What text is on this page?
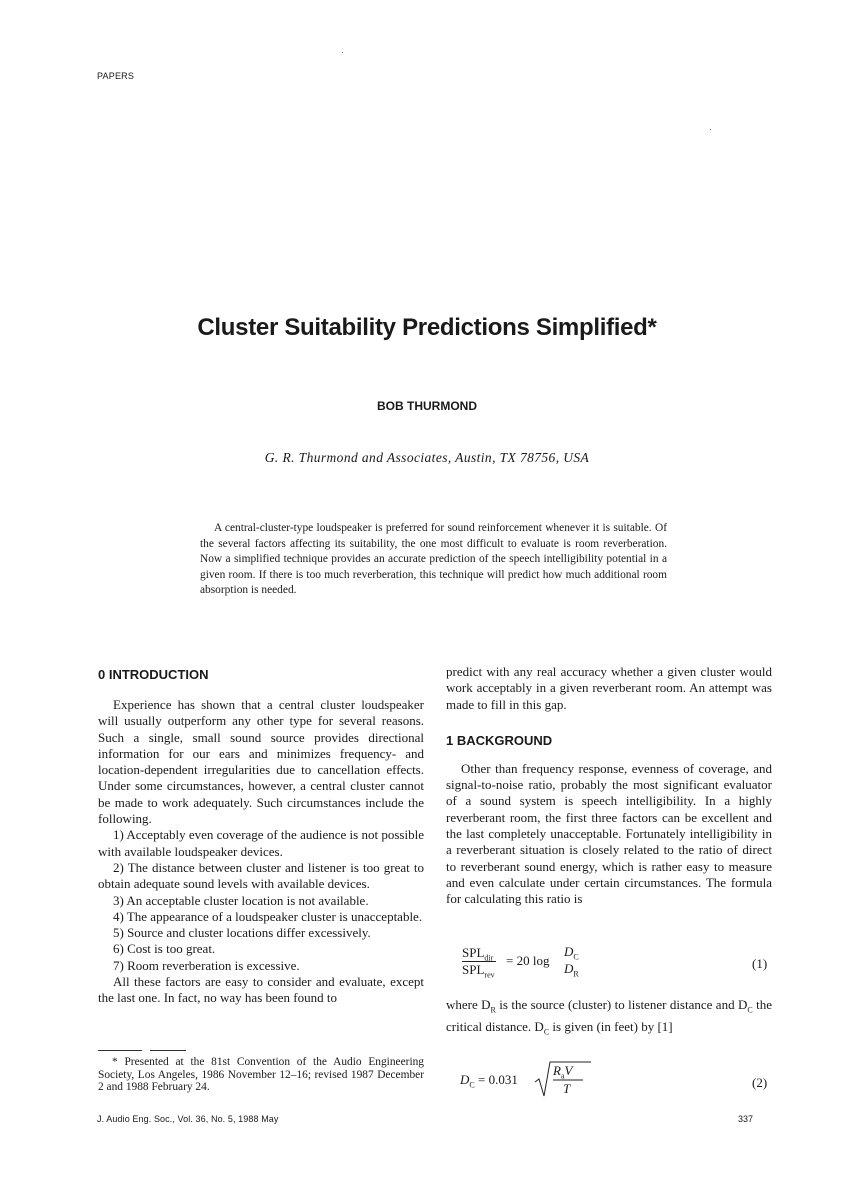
PAPERS
Cluster Suitability Predictions Simplified*
BOB THURMOND
G. R. Thurmond and Associates, Austin, TX 78756, USA

A central-cluster-type loudspeaker is preferred for sound reinforcement whenever it is suitable. Of the several factors affecting its suitability, the one most difficult to evaluate is room reverberation. Now a simplified technique provides an accurate prediction of the speech intelligibility potential in a given room. If there is too much reverberation, this technique will predict how much additional room absorption is needed.

0 INTRODUCTION

Experience has shown that a central cluster loudspeaker will usually outperform any other type for several reasons. Such a single, small sound source provides directional information for our ears and minimizes frequency- and location-dependent irregularities due to cancellation effects. Under some circumstances, however, a central cluster cannot be made to work adequately. Such circumstances include the following.

1) Acceptably even coverage of the audience is not possible with available loudspeaker devices.

2) The distance between cluster and listener is too great to obtain adequate sound levels with available devices.

3) An acceptable cluster location is not available.

4) The appearance of a loudspeaker cluster is unacceptable.

5) Source and cluster locations differ excessively.

6) Cost is too great.

7) Room reverberation is excessive.

All these factors are easy to consider and evaluate, except the last one. In fact, no way has been found to

* Presented at the 81st Convention of the Audio Engineering Society, Los Angeles, 1986 November 12–16; revised 1987 December 2 and 1988 February 24.

predict with any real accuracy whether a given cluster would work acceptably in a given reverberant room. An attempt was made to fill in this gap.

1 BACKGROUND

Other than frequency response, evenness of coverage, and signal-to-noise ratio, probably the most significant evaluator of a sound system is speech intelligibility. In a highly reverberant room, the first three factors can be excellent and the last completely unacceptable. Fortunately intelligibility in a reverberant situation is closely related to the ratio of direct to reverberant sound energy, which is rather easy to measure and even calculate under certain circumstances. The formula for calculating this ratio is

$SPL_{dir}$
$SPL_{rev}$
= 20 log
$D_C$
$D_R$
(1)

where $D_R$ is the source (cluster) to listener distance and $D_C$ the critical distance. $D_C$ is given (in feet) by [1]

$D_C = 0.031$
$R_aV$
T	(2)
J. Audio Eng. Soc., Vol. 36, No. 5, 1988 May	337
